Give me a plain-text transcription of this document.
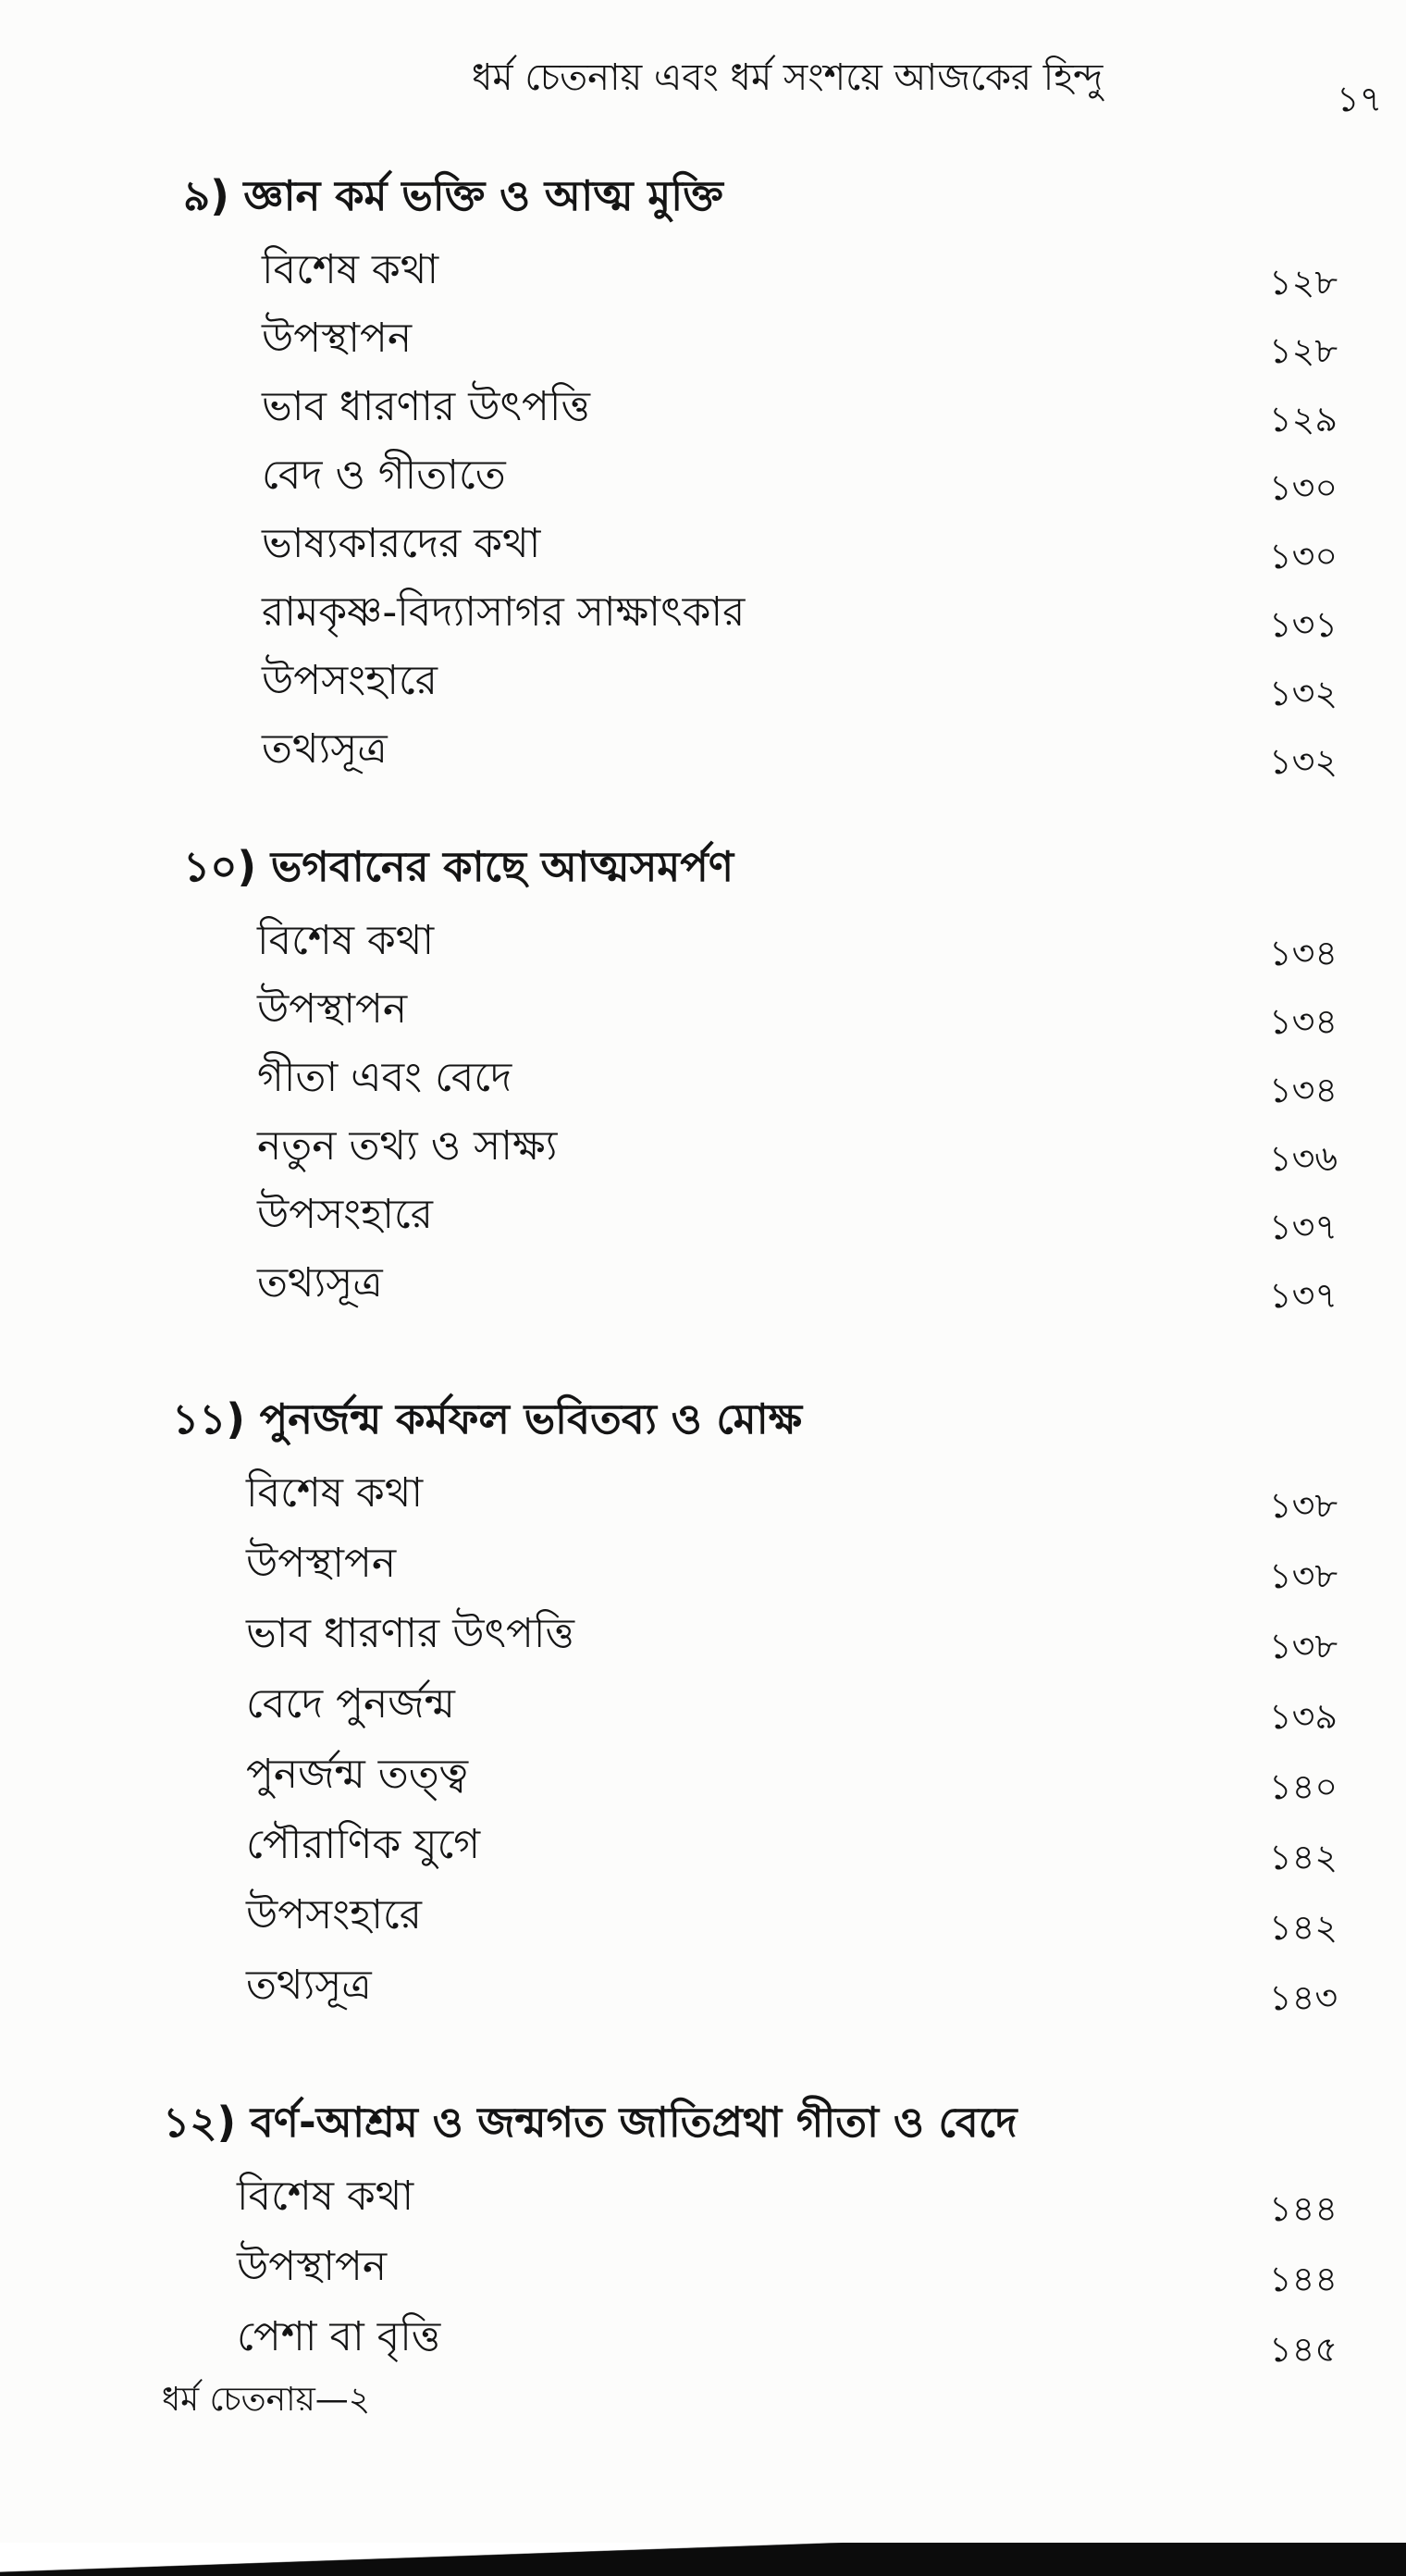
ধর্ম চেতনায় এবং ধর্ম সংশয়ে আজকের হিন্দু	১৭
৯) জ্ঞান কর্ম ভক্তি ও আত্ম মুক্তি
বিশেষ কথা	১২৮
উপস্থাপন	১২৮
ভাব ধারণার উৎপত্তি	১২৯
বেদ ও গীতাতে	১৩০
ভাষ্যকারদের কথা	১৩০
রামকৃষ্ণ-বিদ্যাসাগর সাক্ষাৎকার	১৩১
উপসংহারে	১৩২
তথ্যসূত্র	১৩২
১০) ভগবানের কাছে আত্মসমর্পণ
বিশেষ কথা	১৩৪
উপস্থাপন	১৩৪
গীতা এবং বেদে	১৩৪
নতুন তথ্য ও সাক্ষ্য	১৩৬
উপসংহারে	১৩৭
তথ্যসূত্র	১৩৭
১১) পুনর্জন্ম কর্মফল ভবিতব্য ও মোক্ষ
বিশেষ কথা	১৩৮
উপস্থাপন	১৩৮
ভাব ধারণার উৎপত্তি	১৩৮
বেদে পুনর্জন্ম	১৩৯
পুনর্জন্ম তত্ত্ব	১৪০
পৌরাণিক যুগে	১৪২
উপসংহারে	১৪২
তথ্যসূত্র	১৪৩
১২) বর্ণ-আশ্রম ও জন্মগত জাতিপ্রথা গীতা ও বেদে
বিশেষ কথা	১৪৪
উপস্থাপন	১৪৪
পেশা বা বৃত্তি	১৪৫
ধর্ম চেতনায়—২
